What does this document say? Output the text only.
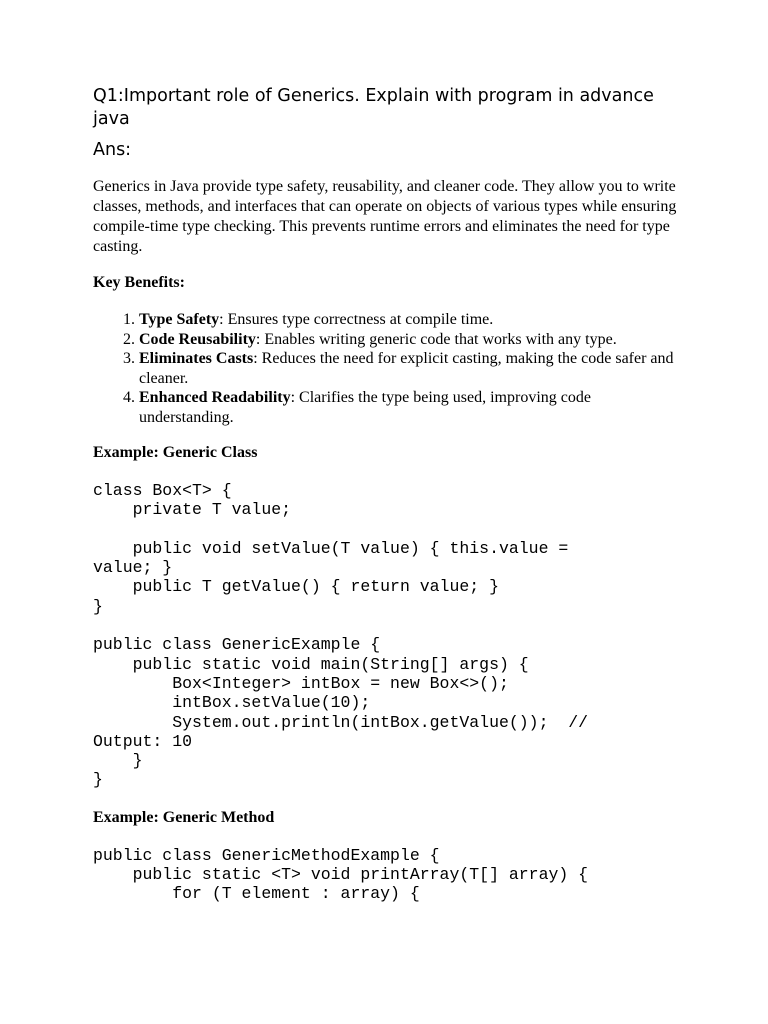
Q1:Important role of Generics. Explain with program in advance java
Ans:

Generics in Java provide type safety, reusability, and cleaner code. They allow you to write classes, methods, and interfaces that can operate on objects of various types while ensuring compile-time type checking. This prevents runtime errors and eliminates the need for type casting.

Key Benefits:
1. Type Safety: Ensures type correctness at compile time.
2. Code Reusability: Enables writing generic code that works with any type.
3. Eliminates Casts: Reduces the need for explicit casting, making the code safer and cleaner.
4. Enhanced Readability: Clarifies the type being used, improving code understanding.
Example: Generic Class
class Box<T> {
private T value;

public void setValue(T value) { this.value =
value; }
public T getValue() { return value; }
}

public class GenericExample {
public static void main(String[] args) {
Box<Integer> intBox = new Box<>();
intBox.setValue(10);
System.out.println(intBox.getValue());  //
Output: 10
}
}
Example: Generic Method
public class GenericMethodExample {
public static <T> void printArray(T[] array) {
for (T element : array) {
